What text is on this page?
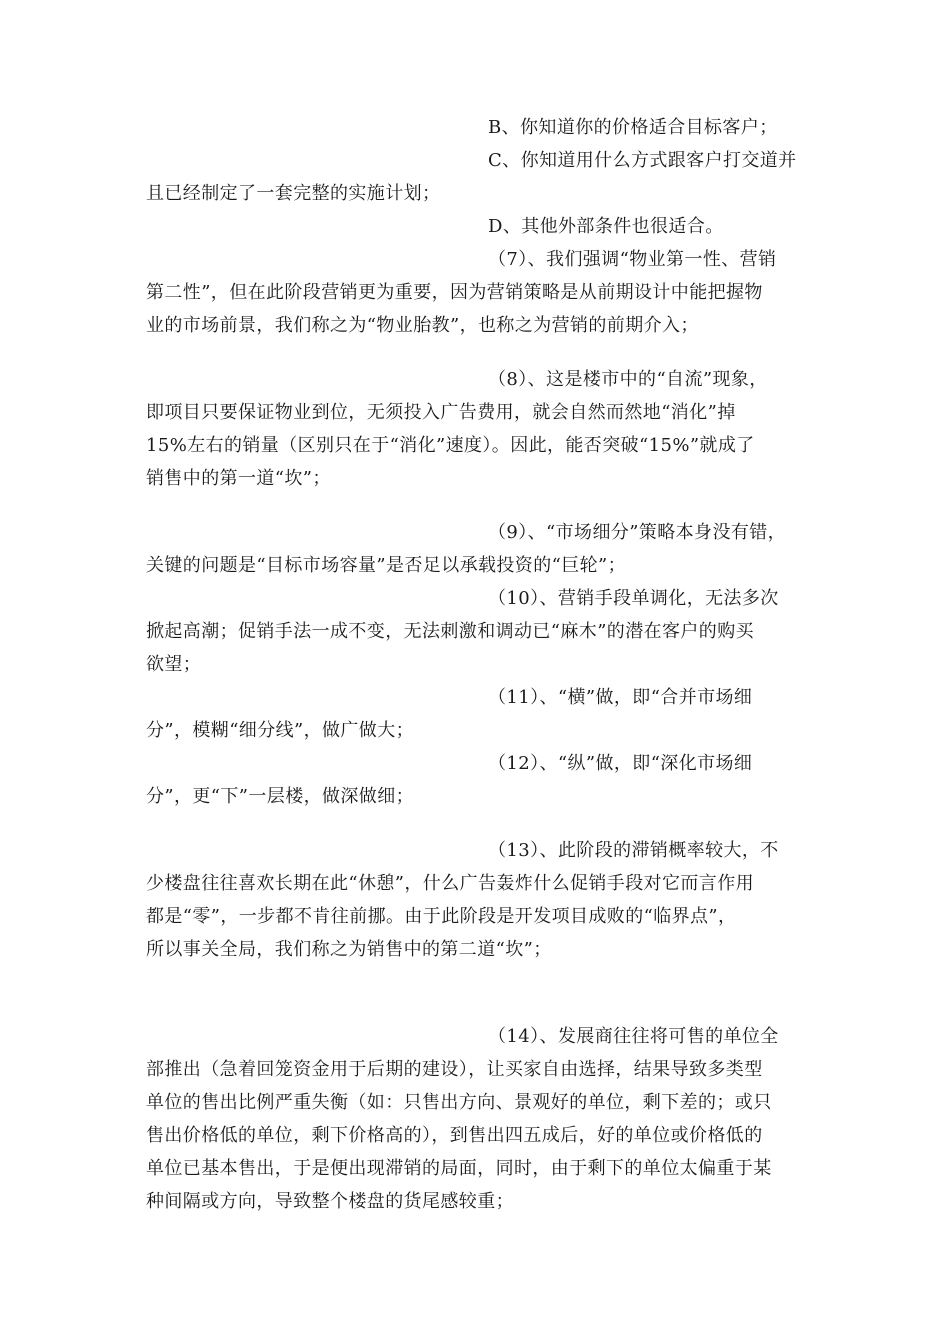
B、你知道你的价格适合目标客户；
C、你知道用什么方式跟客户打交道并
且已经制定了一套完整的实施计划；
D、其他外部条件也很适合。
（7）、我们强调“物业第一性、营销
第二性”，但在此阶段营销更为重要，因为营销策略是从前期设计中能把握物
业的市场前景，我们称之为“物业胎教”，也称之为营销的前期介入；
（8）、这是楼市中的“自流”现象，
即项目只要保证物业到位，无须投入广告费用，就会自然而然地“消化”掉
15%左右的销量（区别只在于“消化”速度）。因此，能否突破“15%”就成了
销售中的第一道“坎”；
（9）、“市场细分”策略本身没有错，
关键的问题是“目标市场容量”是否足以承载投资的“巨轮”；
（10）、营销手段单调化，无法多次
掀起高潮；促销手法一成不变，无法刺激和调动已“麻木”的潜在客户的购买
欲望；
（11）、“横”做，即“合并市场细
分”，模糊“细分线”，做广做大；
（12）、“纵”做，即“深化市场细
分”，更“下”一层楼，做深做细；
（13）、此阶段的滞销概率较大，不
少楼盘往往喜欢长期在此“休憩”，什么广告轰炸什么促销手段对它而言作用
都是“零”，一步都不肯往前挪。由于此阶段是开发项目成败的“临界点”，
所以事关全局，我们称之为销售中的第二道“坎”；
（14）、发展商往往将可售的单位全
部推出（急着回笼资金用于后期的建设），让买家自由选择，结果导致多类型
单位的售出比例严重失衡（如：只售出方向、景观好的单位，剩下差的；或只
售出价格低的单位，剩下价格高的），到售出四五成后，好的单位或价格低的
单位已基本售出，于是便出现滞销的局面，同时，由于剩下的单位太偏重于某
种间隔或方向，导致整个楼盘的货尾感较重；
